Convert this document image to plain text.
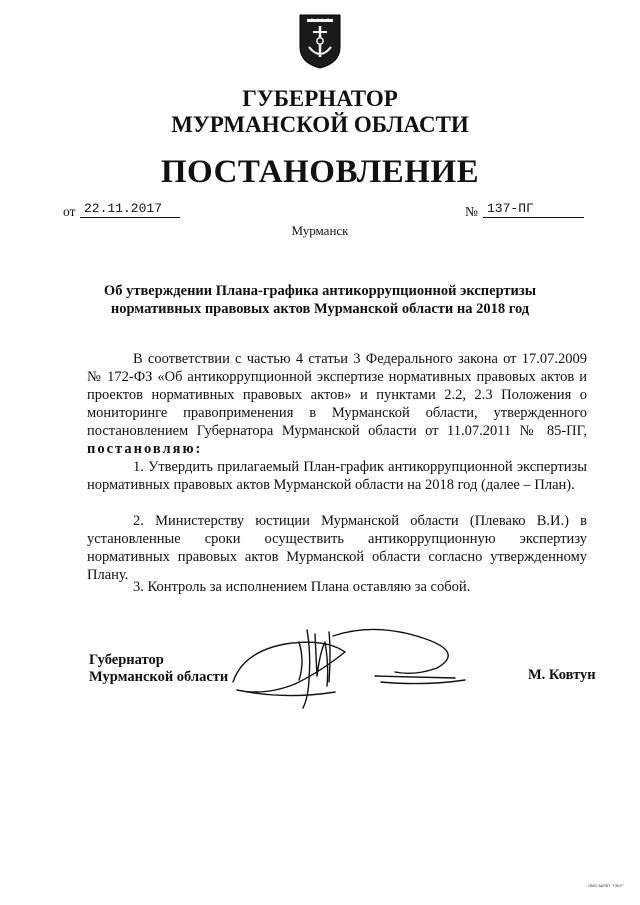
ГУБЕРНАТОР
МУРМАНСКОЙ ОБЛАСТИ
ПОСТАНОВЛЕНИЕ
от 22.11.2017	№ 137-ПГ
Мурманск
Об утверждении Плана-графика антикоррупционной экспертизы
нормативных правовых актов Мурманской области на 2018 год
В соответствии с частью 4 статьи 3 Федерального закона от 17.07.2009 № 172-ФЗ «Об антикоррупционной экспертизе нормативных правовых актов и проектов нормативных правовых актов» и пунктами 2.2, 2.3 Положения о мониторинге правоприменения в Мурманской области, утвержденного постановлением Губернатора Мурманской области от 11.07.2011 № 85-ПГ, постановляю:
1. Утвердить прилагаемый План-график антикоррупционной экспертизы нормативных правовых актов Мурманской области на 2018 год (далее – План).
2. Министерству юстиции Мурманской области (Плевако В.И.) в установленные сроки осуществить антикоррупционную экспертизу нормативных правовых актов Мурманской области согласно утвержденному Плану.
3. Контроль за исполнением Плана оставляю за собой.
Губернатор
Мурманской области	М. Ковтун
ОМО МИЗП "ГЗКУ"
